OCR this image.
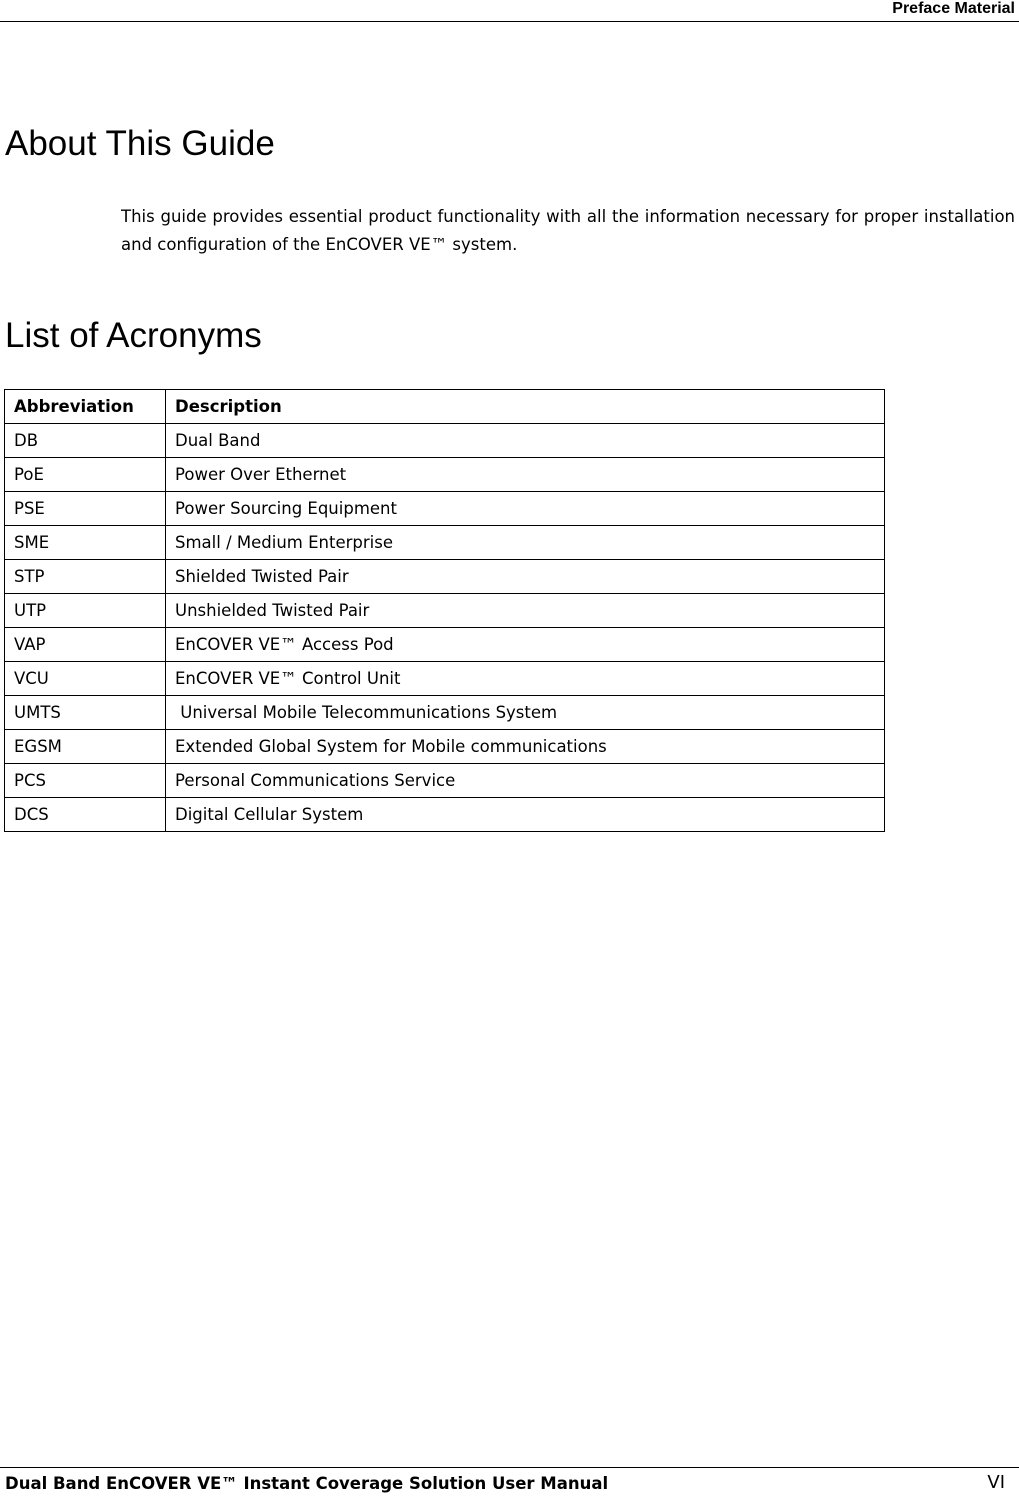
Preface Material
About This Guide

This guide provides essential product functionality with all the information necessary for proper installation and configuration of the EnCOVER VE™ system.

List of Acronyms
Abbreviation	Description
DB	Dual Band
PoE	Power Over Ethernet
PSE	Power Sourcing Equipment
SME	Small / Medium Enterprise
STP	Shielded Twisted Pair
UTP	Unshielded Twisted Pair
VAP	EnCOVER VE™ Access Pod
VCU	EnCOVER VE™ Control Unit
UMTS	Universal Mobile Telecommunications System
EGSM	Extended Global System for Mobile communications
PCS	Personal Communications Service
DCS	Digital Cellular System
Dual Band EnCOVER VE™ Instant Coverage Solution User Manual	VI
